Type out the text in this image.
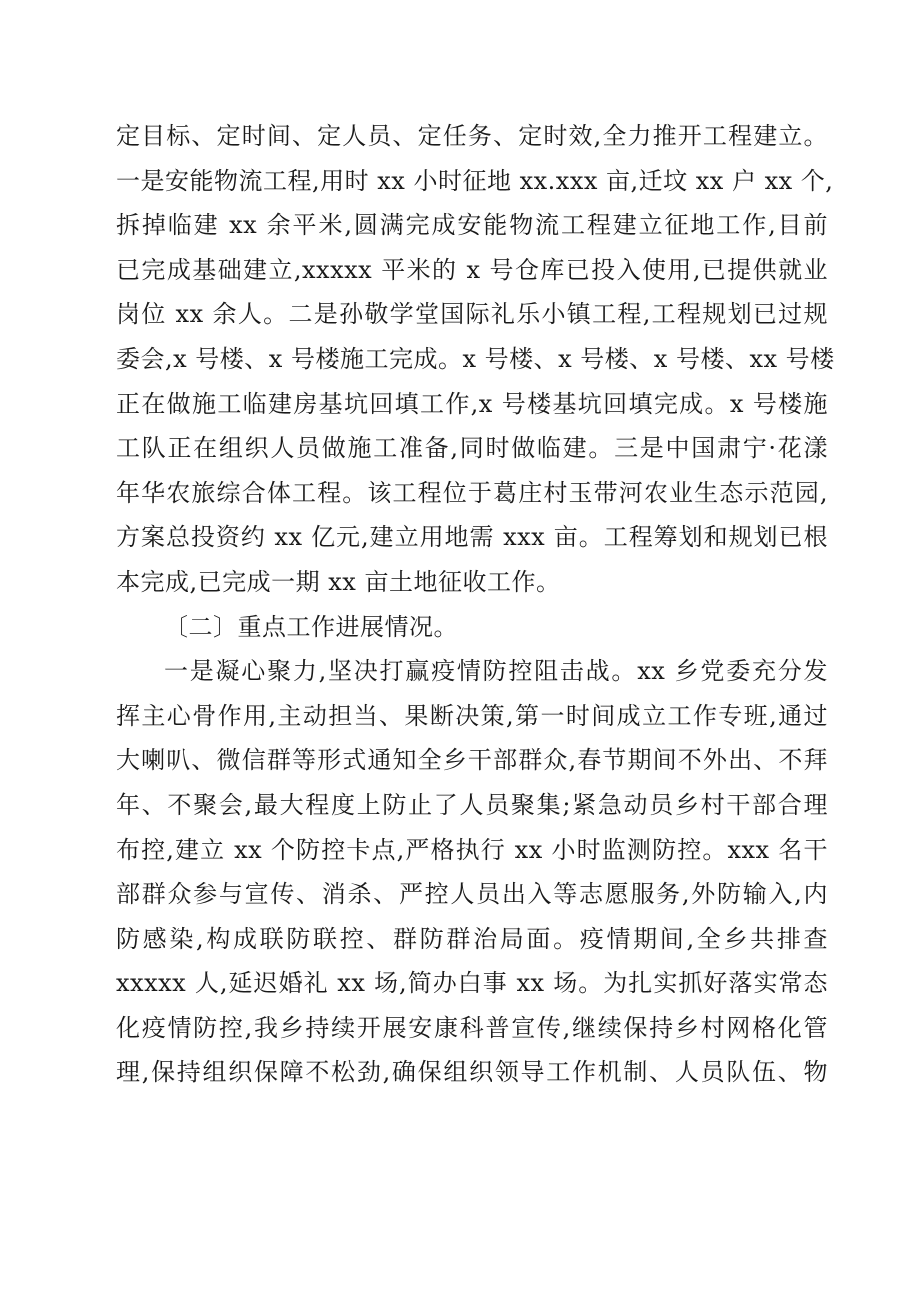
定目标、定时间、定人员、定任务、定时效,全力推开工程建立。
一是安能物流工程,用时 xx 小时征地 xx.xxx 亩,迁坟 xx 户 xx 个,
拆掉临建 xx 余平米,圆满完成安能物流工程建立征地工作,目前
已完成基础建立,xxxxx 平米的 x 号仓库已投入使用,已提供就业
岗位 xx 余人。二是孙敬学堂国际礼乐小镇工程,工程规划已过规
委会,x 号楼、x 号楼施工完成。x 号楼、x 号楼、x 号楼、xx 号楼
正在做施工临建房基坑回填工作,x 号楼基坑回填完成。x 号楼施
工队正在组织人员做施工准备,同时做临建。三是中国肃宁·花漾
年华农旅综合体工程。该工程位于葛庄村玉带河农业生态示范园,
方案总投资约 xx 亿元,建立用地需 xxx 亩。工程筹划和规划已根
本完成,已完成一期 xx 亩土地征收工作。
〔二〕重点工作进展情况。
一是凝心聚力,坚决打赢疫情防控阻击战。xx 乡党委充分发
挥主心骨作用,主动担当、果断决策,第一时间成立工作专班,通过
大喇叭、微信群等形式通知全乡干部群众,春节期间不外出、不拜
年、不聚会,最大程度上防止了人员聚集;紧急动员乡村干部合理
布控,建立 xx 个防控卡点,严格执行 xx 小时监测防控。xxx 名干
部群众参与宣传、消杀、严控人员出入等志愿服务,外防输入,内
防感染,构成联防联控、群防群治局面。疫情期间,全乡共排查
xxxxx 人,延迟婚礼 xx 场,简办白事 xx 场。为扎实抓好落实常态
化疫情防控,我乡持续开展安康科普宣传,继续保持乡村网格化管
理,保持组织保障不松劲,确保组织领导工作机制、人员队伍、物
